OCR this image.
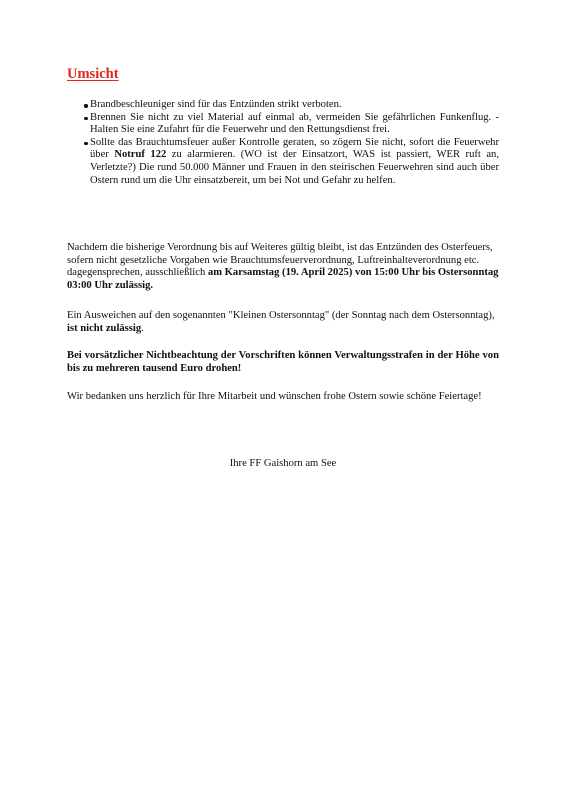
Umsicht
Brandbeschleuniger sind für das Entzünden strikt verboten.
Brennen Sie nicht zu viel Material auf einmal ab, vermeiden Sie gefährlichen Funkenflug. - Halten Sie eine Zufahrt für die Feuerwehr und den Rettungsdienst frei.
Sollte das Brauchtumsfeuer außer Kontrolle geraten, so zögern Sie nicht, sofort die Feuerwehr über Notruf 122 zu alarmieren. (WO ist der Einsatzort, WAS ist passiert, WER ruft an, Verletzte?) Die rund 50.000 Männer und Frauen in den steirischen Feuerwehren sind auch über Ostern rund um die Uhr einsatzbereit, um bei Not und Gefahr zu helfen.

Nachdem die bisherige Verordnung bis auf Weiteres gültig bleibt, ist das Entzünden des Osterfeuers, sofern nicht gesetzliche Vorgaben wie Brauchtumsfeuerverordnung, Luftreinhalteverordnung etc. dagegensprechen, ausschließlich am Karsamstag (19. April 2025) von 15:00 Uhr bis Ostersonntag 03:00 Uhr zulässig.

Ein Ausweichen auf den sogenannten "Kleinen Ostersonntag" (der Sonntag nach dem Ostersonntag), ist nicht zulässig.

Bei vorsätzlicher Nichtbeachtung der Vorschriften können Verwaltungsstrafen in der Höhe von bis zu mehreren tausend Euro drohen!

Wir bedanken uns herzlich für Ihre Mitarbeit und wünschen frohe Ostern sowie schöne Feiertage!

Ihre FF Gaishorn am See
